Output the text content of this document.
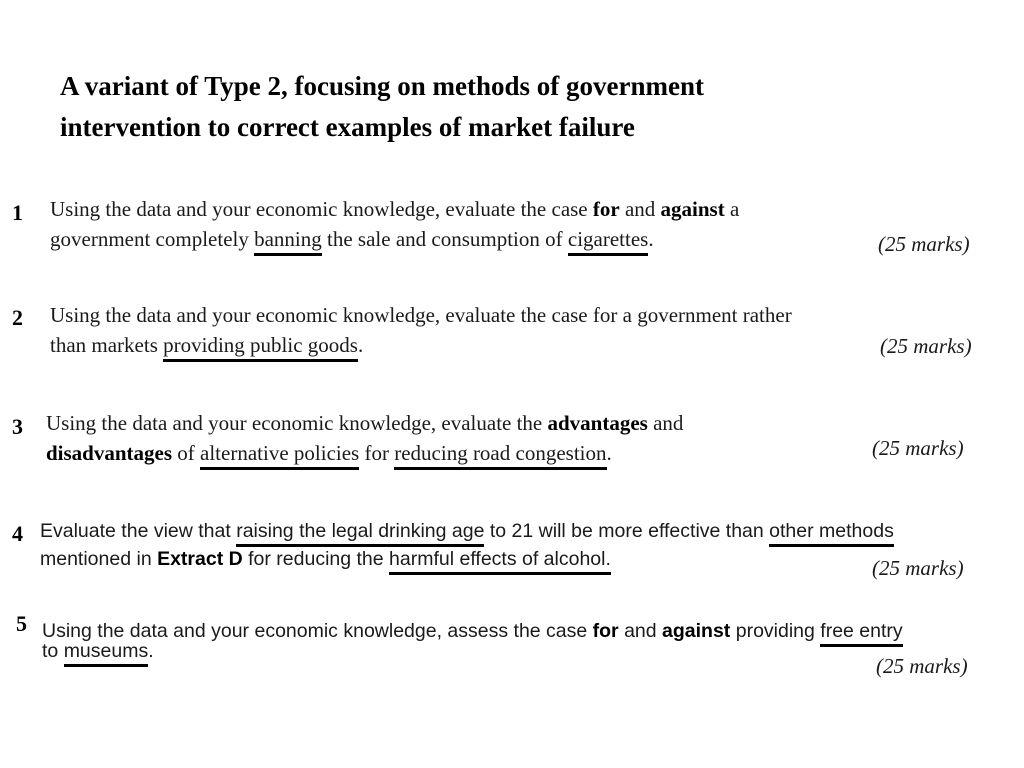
A variant of Type 2, focusing on methods of government
intervention to correct examples of market failure
1 Using the data and your economic knowledge, evaluate the case for and against a
government completely banning the sale and consumption of cigarettes.	(25 marks)
2 Using the data and your economic knowledge, evaluate the case for a government rather
than markets providing public goods.	(25 marks)
3 Using the data and your economic knowledge, evaluate the advantages and
disadvantages of alternative policies for reducing road congestion.	(25 marks)
4 Evaluate the view that raising the legal drinking age to 21 will be more effective than other methods
mentioned in Extract D for reducing the harmful effects of alcohol.	(25 marks)
5 Using the data and your economic knowledge, assess the case for and against providing free entry
to museums.
(25 marks)
